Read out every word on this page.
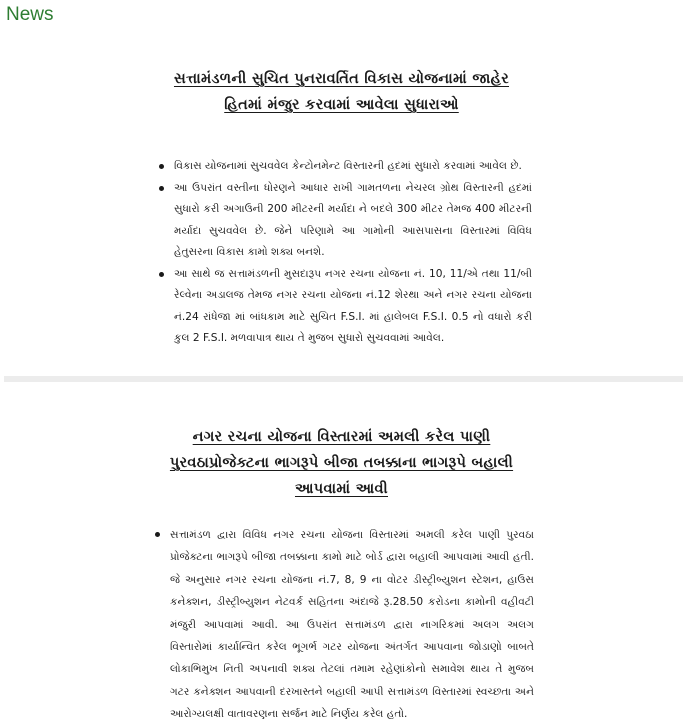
News
સત્તામંડળની સુચિત પુનરાવર્તિત વિકાસ યોજનામાં જાહેર
હિતમાં મંજુર કરવામાં આવેલા સુધારાઓ
વિકાસ યોજનામાં સુચવવેલ કેન્ટોનમેન્ટ વિસ્તારની હદમાં સુધારો કરવામાં આવેલ છે.
આ ઉપરાંત વસ્તીના ધોરણને આધાર રાખી ગામતળના નેચરલ ગ્રોથ વિસ્તારની હદમાં સુધારો કરી અગાઉની 200 મીટરની મર્યાદા ને બદલે 300 મીટર તેમજ 400 મીટરની મર્યાદા સુચવવેલ છે. જેને પરિણામે આ ગામોની આસપાસના વિસ્તારમાં વિવિધ હેતુસરના વિકાસ કામો શક્ય બનશે.
આ સાથે જ સત્તામંડળની મુસદારૂપ નગર રચના યોજના નં. 10, 11/એ તથા 11/બી રેલ્વેના અડાલજ તેમજ નગર રચના યોજના નં.12 શેરથા અને નગર રચના યોજના નં.24 રાંધેજા માં બાંધકામ માટે સુચિત F.S.I. માં હાલેબલ F.S.I. 0.5 નો વધારો કરી કુલ 2 F.S.I. મળવાપાત્ર થાય તે મુજબ સુધારો સુચવવામાં આવેલ.
નગર રચના યોજના વિસ્તારમાં અમલી કરેલ પાણી
પુરવઠાપ્રોજેક્ટના ભાગરૂપે બીજા તબક્કાના ભાગરૂપે બહાલી
આપવામાં આવી
સત્તામંડળ દ્વારા વિવિધ નગર રચના યોજના વિસ્તારમાં અમલી કરેલ પાણી પુરવઠા પ્રોજેક્ટના ભાગરૂપે બીજા તબક્કાના કામો માટે બોર્ડ દ્વારા બહાલી આપવામાં આવી હતી. જે અનુસાર નગર રચના યોજના નં.7, 8, 9 ના વોટર ડીસ્ટ્રીબ્યુશન સ્ટેશન, હાઉસ કનેક્શન, ડીસ્ટ્રીબ્યુશન નેટવર્ક સહિતના અંદાજે રૂ.28.50 કરોડના કામોની વહીવટી મંજુરી આપવામાં આવી. આ ઉપરાંત સત્તામંડળ દ્વારા નાગરિકમાં અલગ અલગ વિસ્તારોમાં કાર્યાન્વિત કરેલ ભૂગર્ભ ગટર યોજના અંતર્ગત આપવાના જોડાણો બાબતે લોકાભિમુખ નિતી અપનાવી શક્ય તેટલાં તમામ રહેણાંકોનો સમાવેશ થાય તે મુજબ ગટર કનેક્શન આપવાની દરખાસ્તને બહાલી આપી સત્તામંડળ વિસ્તારમાં સ્વચ્છતા અને આરોગ્યલક્ષી વાતાવરણના સર્જન માટે નિર્ણય કરેલ હતો.
